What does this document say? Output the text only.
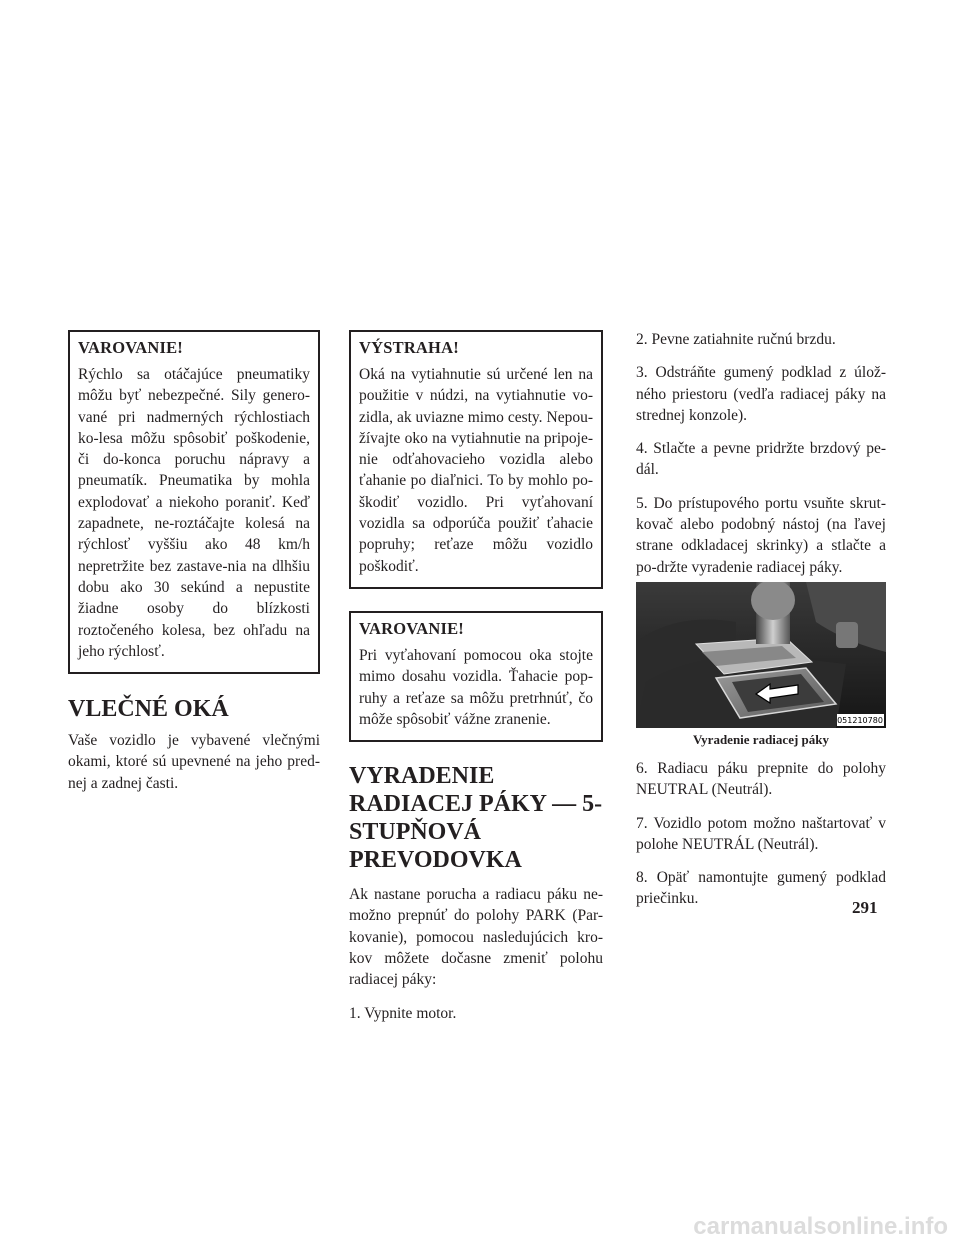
VAROVANIE!

Rýchlo sa otáčajúce pneumatiky môžu byť nebezpečné. Sily genero-vané pri nadmerných rýchlostiach ko-lesa môžu spôsobiť poškodenie, či do-konca poruchu nápravy a pneumatík. Pneumatika by mohla explodovať a niekoho poraniť. Keď zapadnete, ne-roztáčajte kolesá na rýchlosť vyššiu ako 48 km/h nepretržite bez zastave-nia na dlhšiu dobu ako 30 sekúnd a nepustite žiadne osoby do blízkosti roztočeného kolesa, bez ohľadu na jeho rýchlosť.

VLEČNÉ OKÁ

Vaše vozidlo je vybavené vlečnými okami, ktoré sú upevnené na jeho pred-nej a zadnej časti.

VÝSTRAHA!

Oká na vytiahnutie sú určené len na použitie v núdzi, na vytiahnutie vo-zidla, ak uviazne mimo cesty. Nepou-žívajte oko na vytiahnutie na pripoje-nie odťahovacieho vozidla alebo ťahanie po diaľnici. To by mohlo po-škodiť vozidlo. Pri vyťahovaní vozidla sa odporúča použiť ťahacie popruhy; reťaze môžu vozidlo poškodiť.

VAROVANIE!

Pri vyťahovaní pomocou oka stojte mimo dosahu vozidla. Ťahacie pop-ruhy a reťaze sa môžu pretrhnúť, čo môže spôsobiť vážne zranenie.

VYRADENIE RADIACEJ PÁKY — 5-STUPŇOVÁ PREVODOVKA

Ak nastane porucha a radiacu páku ne-možno prepnúť do polohy PARK (Par-kovanie), pomocou nasledujúcich kro-kov môžete dočasne zmeniť polohu radiacej páky:

1. Vypnite motor.

2. Pevne zatiahnite ručnú brzdu.

3. Odstráňte gumený podklad z úlož-ného priestoru (vedľa radiacej páky na strednej konzole).

4. Stlačte a pevne pridržte brzdový pe-dál.

5. Do prístupového portu vsuňte skrut-kovač alebo podobný nástoj (na ľavej strane odkladacej skrinky) a stlačte a po-držte vyradenie radiacej páky.

051210780
Vyradenie radiacej páky

6. Radiacu páku prepnite do polohy NEUTRAL (Neutrál).

7. Vozidlo potom možno naštartovať v polohe NEUTRÁL (Neutrál).

8. Opäť namontujte gumený podklad priečinku.	291
carmanualsonline.info
